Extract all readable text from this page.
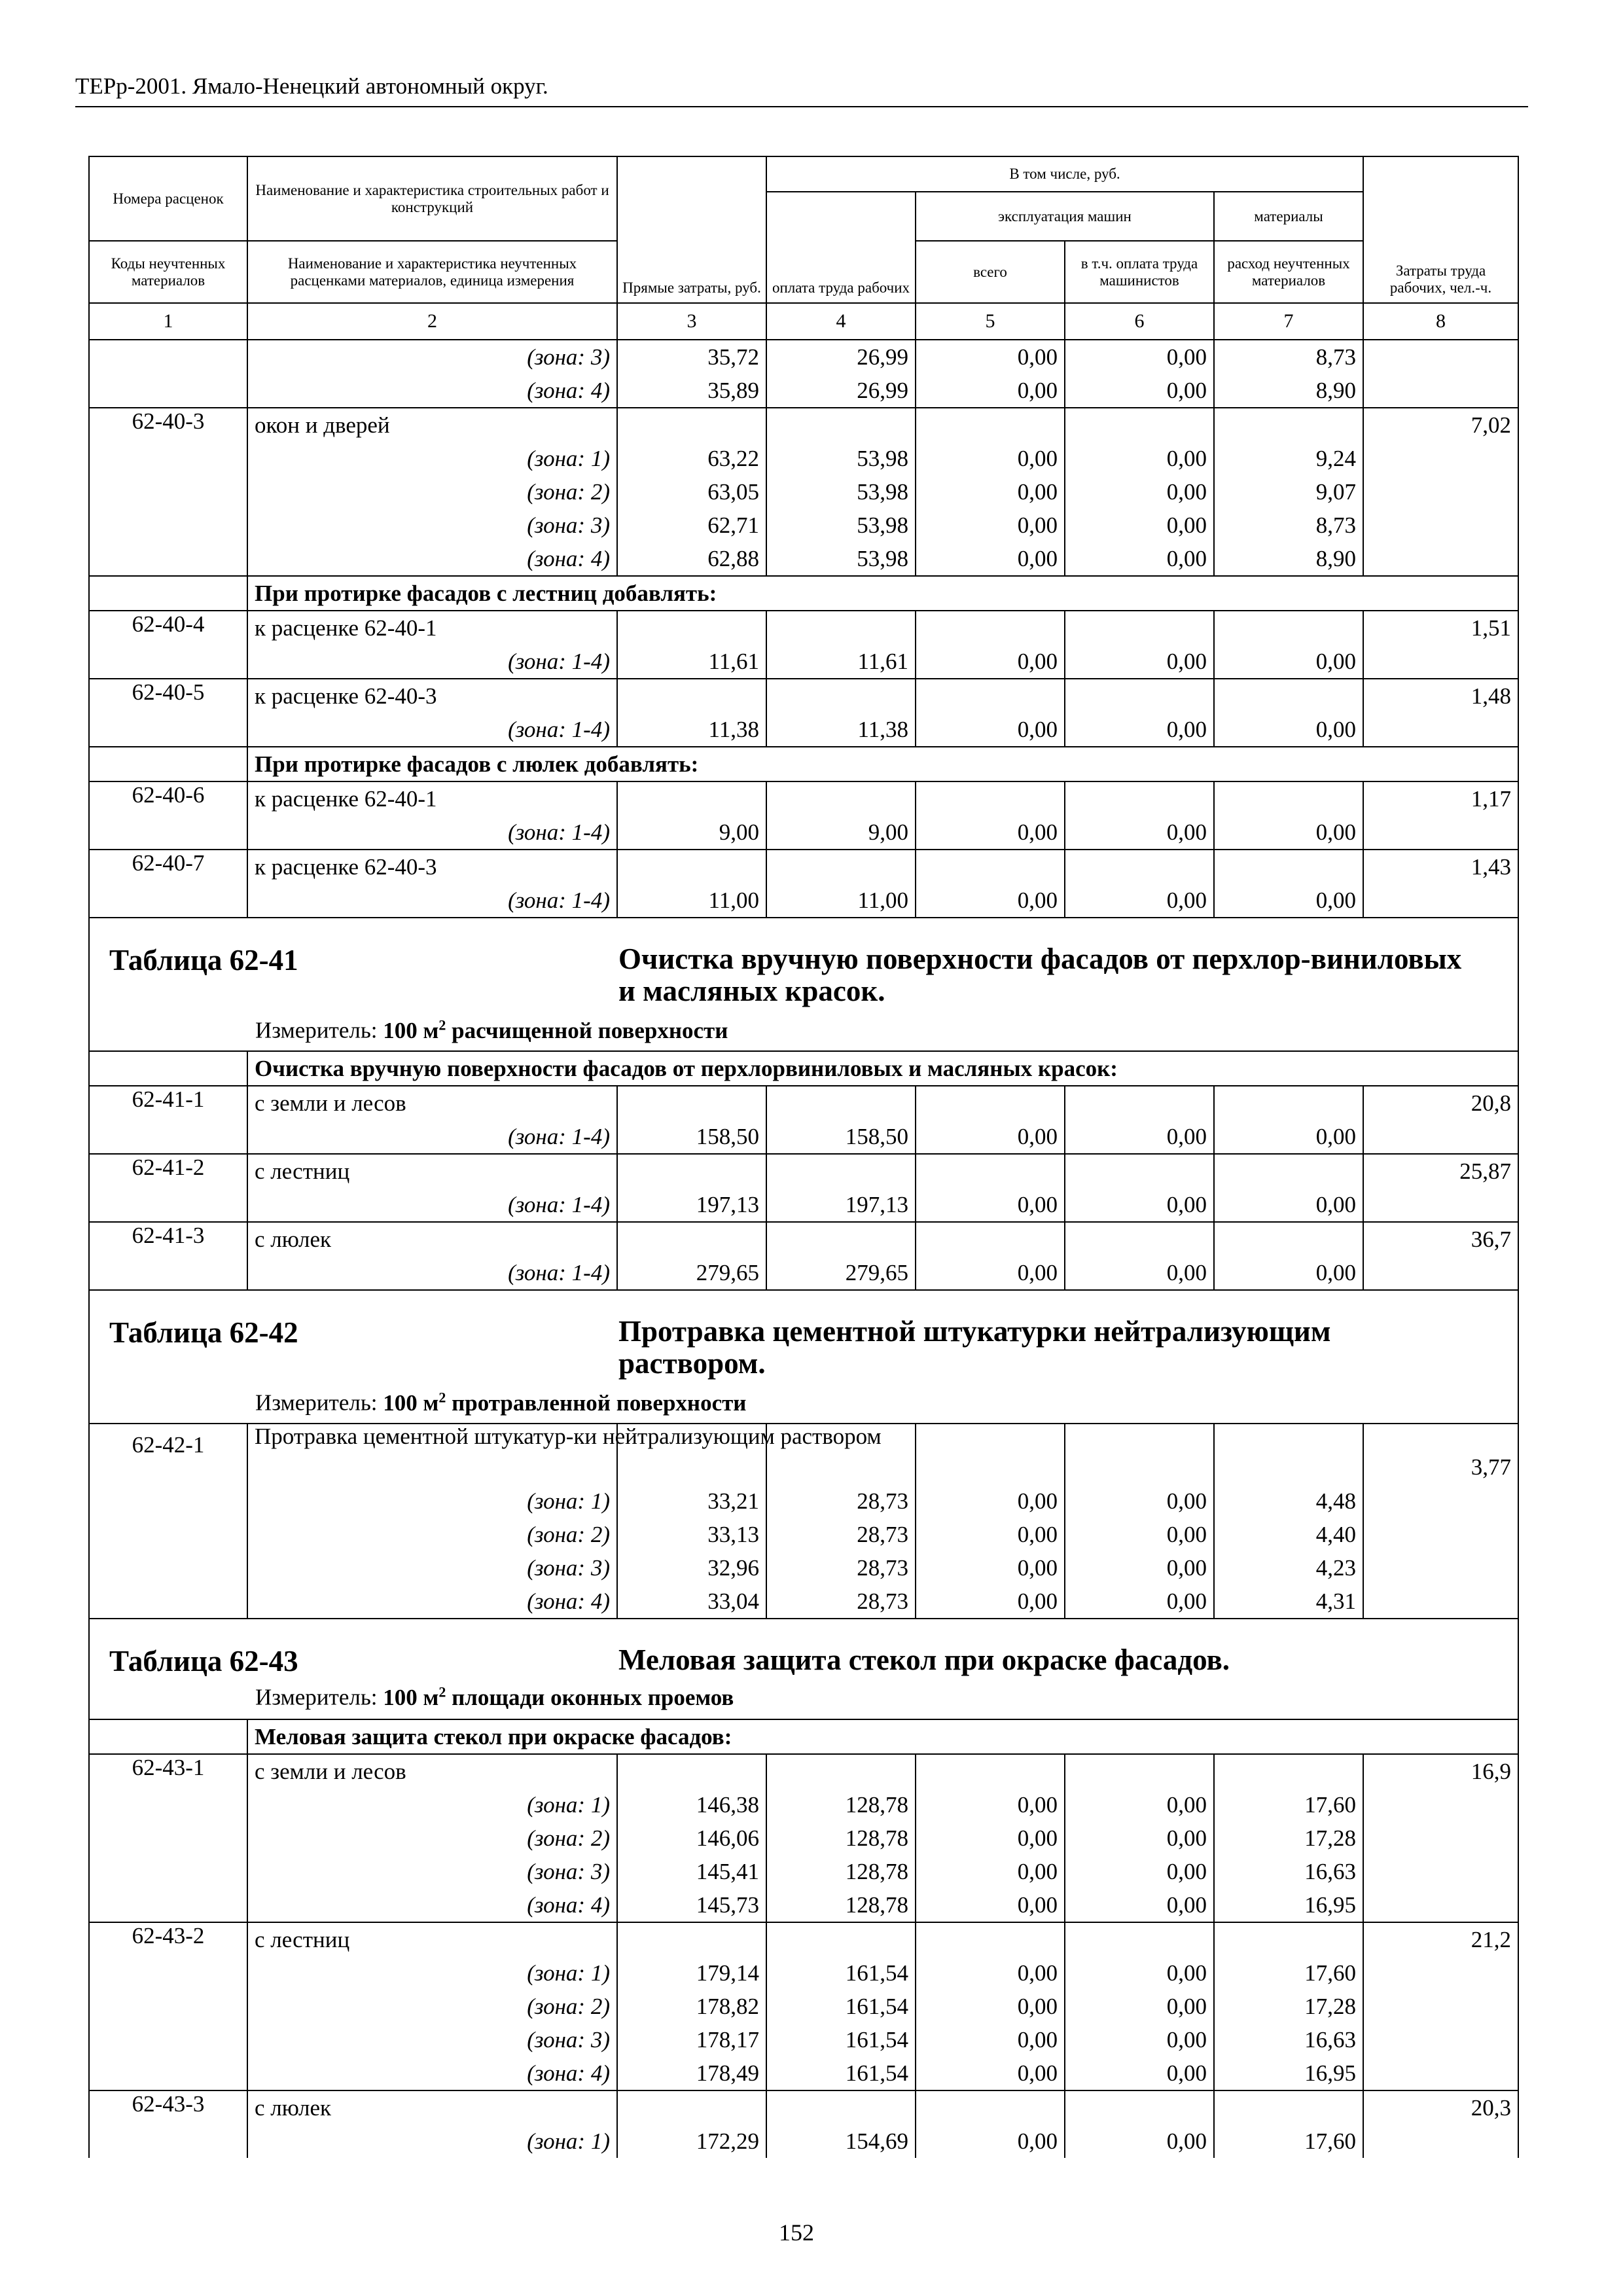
ТЕРр-2001. Ямало-Ненецкий автономный округ.
Номера расценок	Наименование и характеристика строительных работ и конструкций	Прямые затраты, руб.	В том числе, руб.				Затраты труда рабочих, чел.-ч.
			оплата труда рабочих	эксплуатация машин		материалы	
Коды неучтенных материалов	Наименование и характеристика неучтенных расценками материалов, единица измерения			всего	в т.ч. оплата труда машинистов	расход неучтенных материалов	
1	2	3	4	5	6	7	8
	(зона: 3)	35,72	26,99	0,00	0,00	8,73	
	(зона: 4)	35,89	26,99	0,00	0,00	8,90	
62-40-3	окон и дверей						7,02
	(зона: 1)	63,22	53,98	0,00	0,00	9,24	
	(зона: 2)	63,05	53,98	0,00	0,00	9,07	
	(зона: 3)	62,71	53,98	0,00	0,00	8,73	
	(зона: 4)	62,88	53,98	0,00	0,00	8,90	
	При протирке фасадов с лестниц добавлять:						
62-40-4	к расценке 62-40-1						1,51
	(зона: 1-4)	11,61	11,61	0,00	0,00	0,00	
62-40-5	к расценке 62-40-3						1,48
	(зона: 1-4)	11,38	11,38	0,00	0,00	0,00	
	При протирке фасадов с люлек добавлять:						
62-40-6	к расценке 62-40-1						1,17
	(зона: 1-4)	9,00	9,00	0,00	0,00	0,00	
62-40-7	к расценке 62-40-3						1,43
	(зона: 1-4)	11,00	11,00	0,00	0,00	0,00	

Таблица 62-41 Очистка вручную поверхности фасадов от перхлор-виниловых и масляных красок.
Измеритель: 100 $м^2$ расчищенной поверхности							

	Очистка вручную поверхности фасадов от перхлорвиниловых и масляных красок:						
62-41-1	с земли и лесов						20,8
	(зона: 1-4)	158,50	158,50	0,00	0,00	0,00	
62-41-2	с лестниц						25,87
	(зона: 1-4)	197,13	197,13	0,00	0,00	0,00	
62-41-3	с люлек						36,7
	(зона: 1-4)	279,65	279,65	0,00	0,00	0,00	

Таблица 62-42 Протравка цементной штукатурки нейтрализующим раствором.
Измеритель: 100 $м^2$ протравленной поверхности							

62-42-1	Протравка цементной штукатур-ки нейтрализующим раствором						3,77
	(зона: 1)	33,21	28,73	0,00	0,00	4,48	
	(зона: 2)	33,13	28,73	0,00	0,00	4,40	
	(зона: 3)	32,96	28,73	0,00	0,00	4,23	
	(зона: 4)	33,04	28,73	0,00	0,00	4,31	

Таблица 62-43 Меловая защита стекол при окраске фасадов.
Измеритель: 100 $м^2$ площади оконных проемов							

	Меловая защита стекол при окраске фасадов:						
62-43-1	с земли и лесов						16,9
	(зона: 1)	146,38	128,78	0,00	0,00	17,60	
	(зона: 2)	146,06	128,78	0,00	0,00	17,28	
	(зона: 3)	145,41	128,78	0,00	0,00	16,63	
	(зона: 4)	145,73	128,78	0,00	0,00	16,95	
62-43-2	с лестниц						21,2
	(зона: 1)	179,14	161,54	0,00	0,00	17,60	
	(зона: 2)	178,82	161,54	0,00	0,00	17,28	
	(зона: 3)	178,17	161,54	0,00	0,00	16,63	
	(зона: 4)	178,49	161,54	0,00	0,00	16,95	
62-43-3	с люлек						20,3
	(зона: 1)	172,29	154,69	0,00	0,00	17,60	
152
